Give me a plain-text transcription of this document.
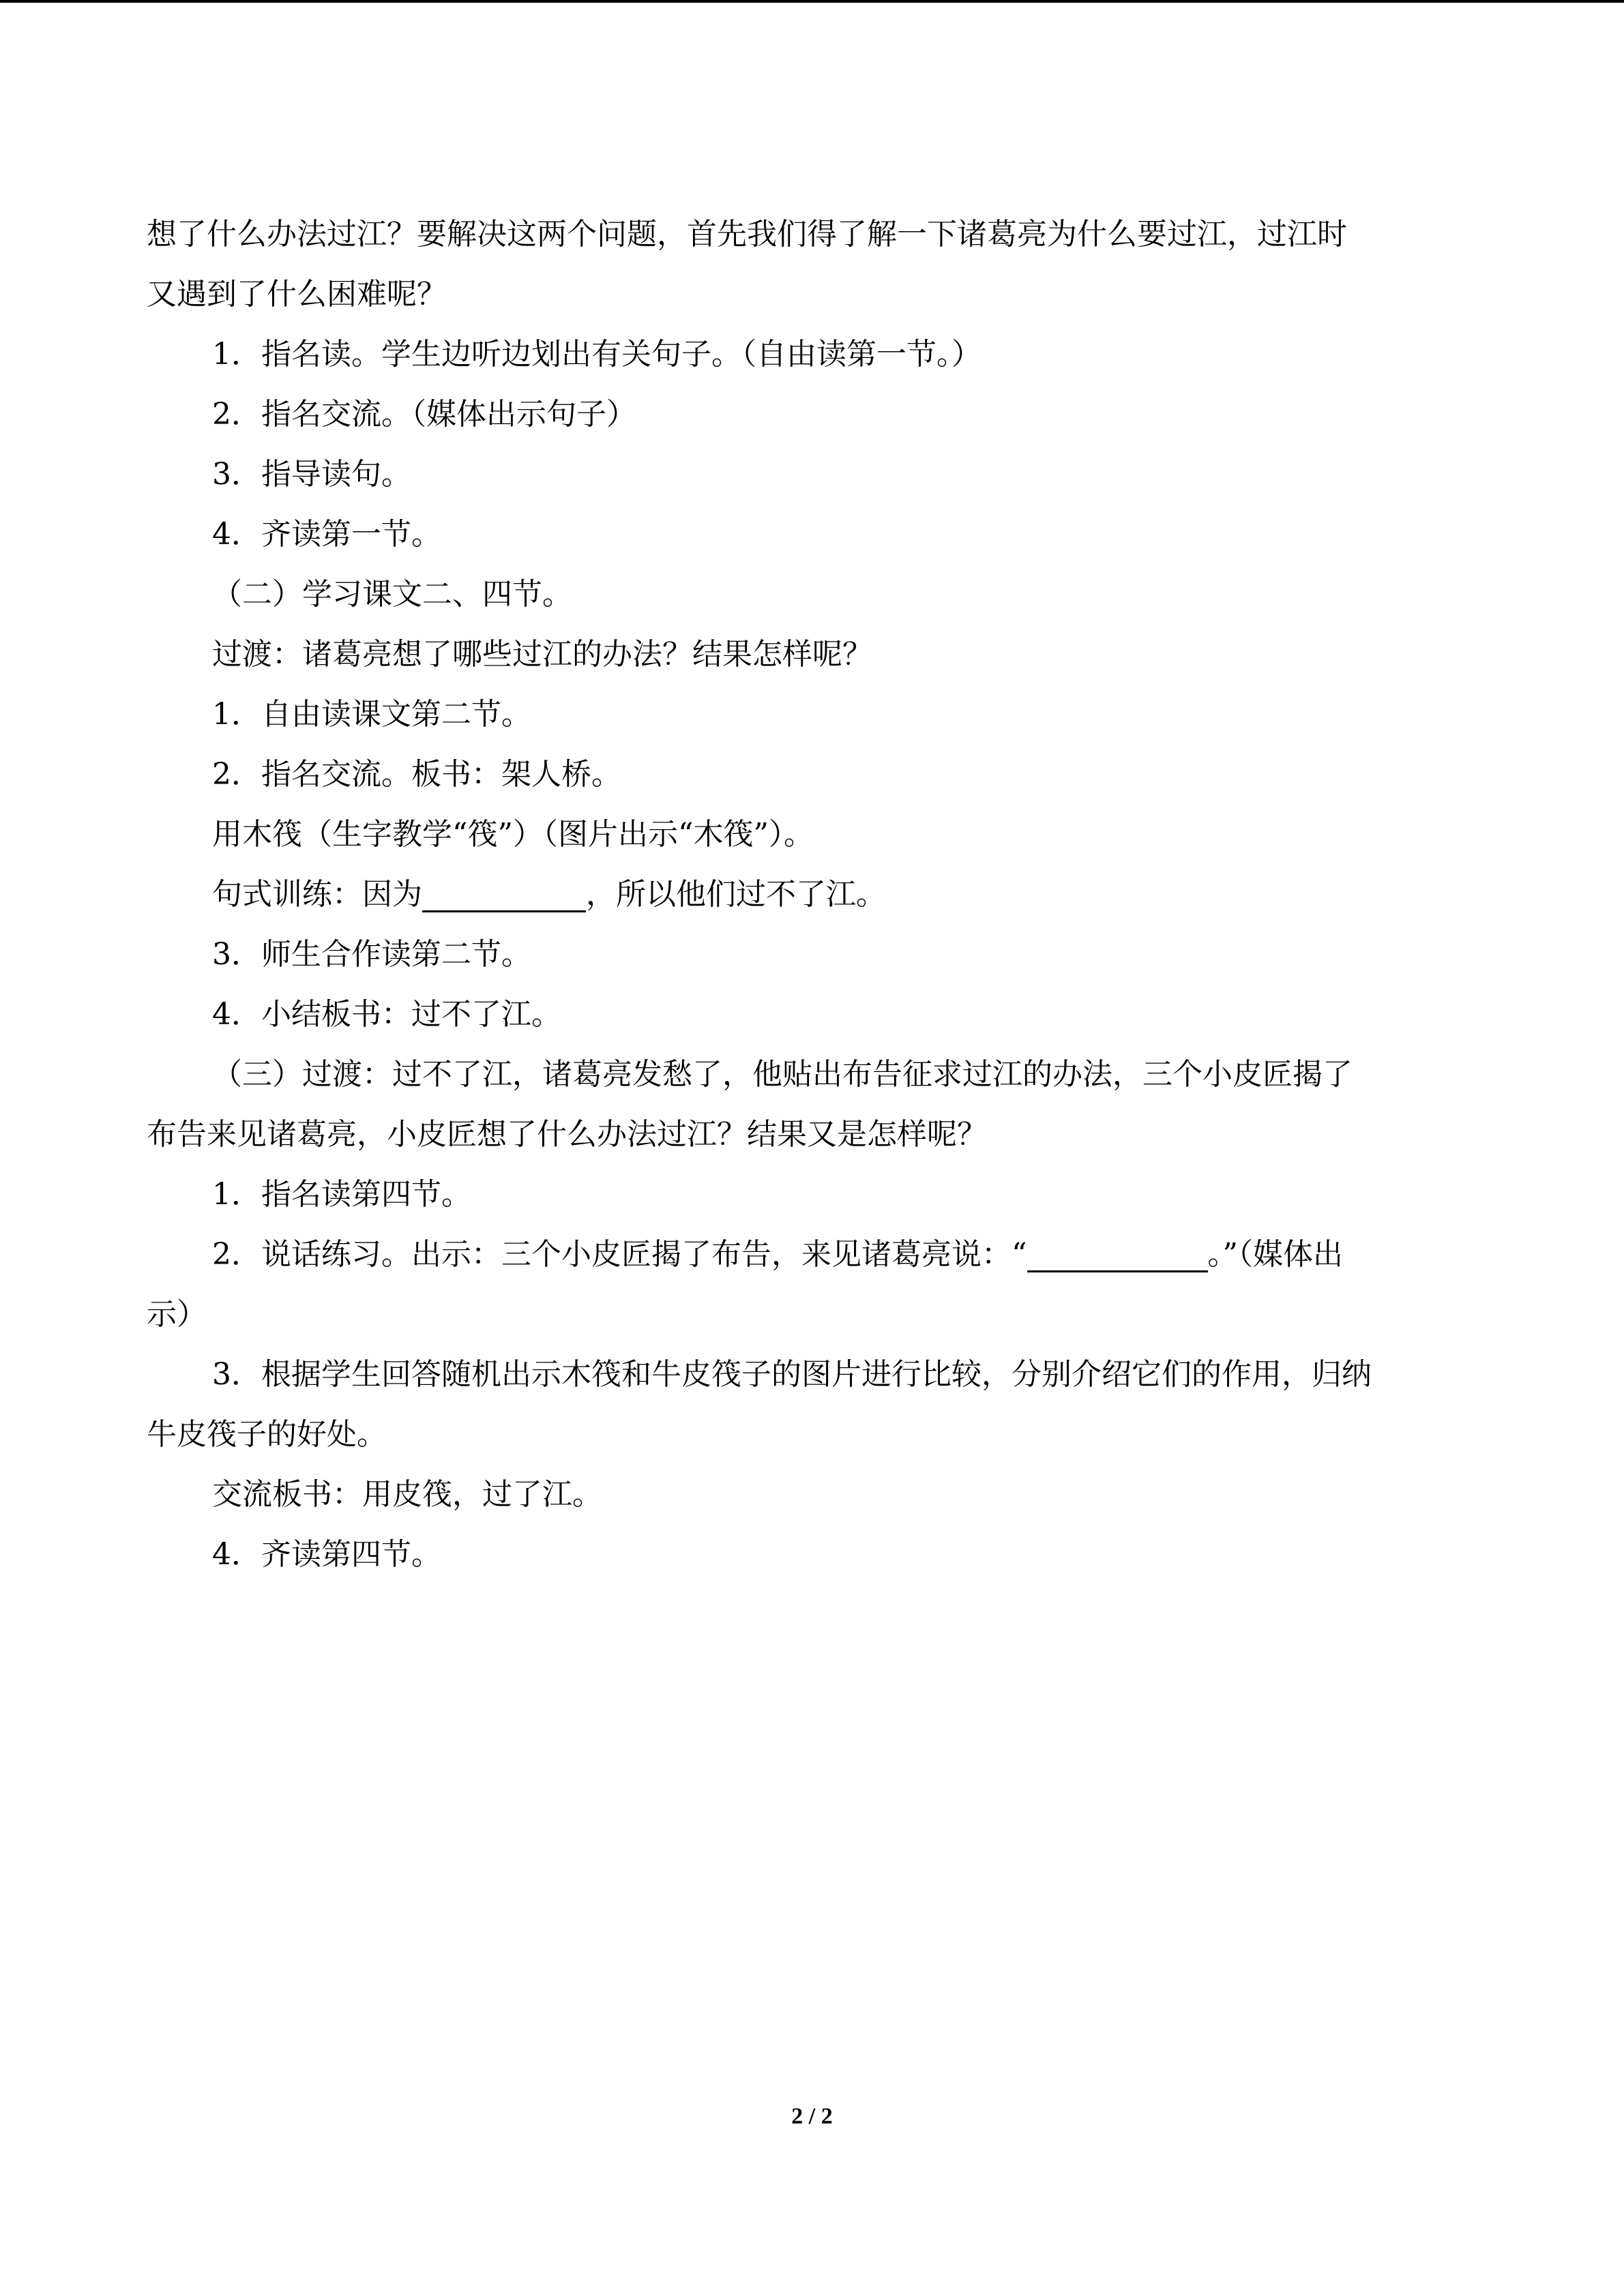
想了什么办法过江？要解决这两个问题，首先我们得了解一下诸葛亮为什么要过江，过江时
又遇到了什么困难呢？
1．指名读。学生边听边划出有关句子。（自由读第一节。）
2．指名交流。（媒体出示句子）
3．指导读句。
4．齐读第一节。
（二）学习课文二、四节。
过渡：诸葛亮想了哪些过江的办法？结果怎样呢？
1．自由读课文第二节。
2．指名交流。板书：架人桥。
用木筏（生字教学“筏”）（图片出示“木筏”）。
句式训练：因为	，所以他们过不了江。
3．师生合作读第二节。
4．小结板书：过不了江。
（三）过渡：过不了江，诸葛亮发愁了，他贴出布告征求过江的办法，三个小皮匠揭了
布告来见诸葛亮，小皮匠想了什么办法过江？结果又是怎样呢？
1．指名读第四节。
2．说话练习。出示：三个小皮匠揭了布告，来见诸葛亮说：“	。”（媒体出
示）
3．根据学生回答随机出示木筏和牛皮筏子的图片进行比较，分别介绍它们的作用，归纳
牛皮筏子的好处。
交流板书：用皮筏，过了江。
4．齐读第四节。
2 / 2
